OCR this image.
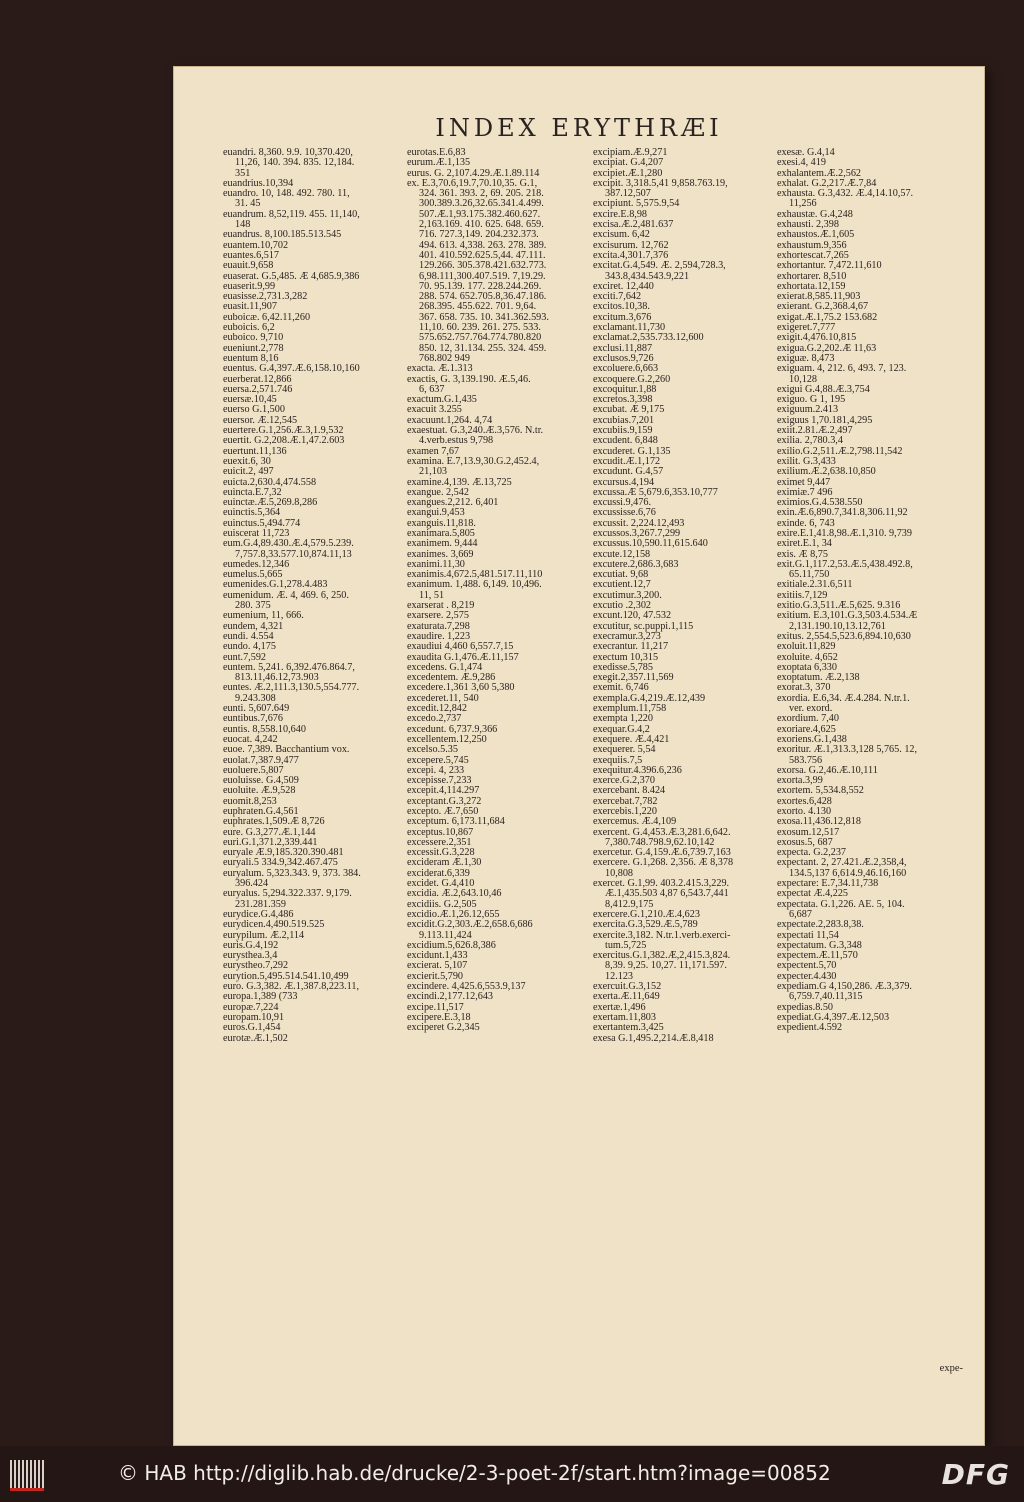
INDEX ERYTHRÆI
euandri. 8,360. 9.9. 10,370.420,
11,26, 140. 394. 835. 12,184.
351
euandrius.10,394
euandro. 10, 148. 492. 780. 11,
31. 45
euandrum. 8,52,119. 455. 11,140,
148
euandrus. 8,100.185.513.545
euantem.10,702
euantes.6,517
euauit.9,658
euaserat. G.5,485. Æ 4,685.9,386
euaserit.9,99
euasisse.2,731.3,282
euasit.11,907
euboicæ. 6,42.11,260
euboicis. 6,2
euboico. 9,710
eueniunt.2,778
euentum 8,16
euentus. G.4,397.Æ.6,158.10,160
euerberat.12,866
euersa.2,571.746
euersæ.10,45
euerso G.1,500
euersor. Æ.12,545
euertere.G.1,256.Æ.3,1.9,532
euertit. G.2,208.Æ.1,47.2.603
euertunt.11,136
euexit.6, 30
euicit.2, 497
euicta.2,630.4,474.558
euincta.E.7,32
euinctæ.Æ.5,269.8,286
euinctis.5,364
euinctus.5,494.774
euiscerat 11,723
eum.G.4,89.430.Æ.4,579.5.239.
7,757.8,33.577.10,874.11,13
eumedes.12,346
eumelus.5,665
eumenides.G.1,278.4.483
eumenidum. Æ. 4, 469. 6, 250.
280. 375
eumenium, 11, 666.
eundem, 4,321
eundi. 4.554
eundo. 4,175
eunt.7,592
euntem. 5,241. 6,392.476.864.7,
813.11,46.12,73.903
euntes. Æ.2,111.3,130.5,554.777.
9.243.308
eunti. 5,607.649
euntibus.7,676
euntis. 8,558.10,640
euocat. 4,242
euoe. 7,389. Bacchantium vox.
euolat.7,387.9,477
euoluere.5,807
euoluisse. G.4,509
euoluite. Æ.9,528
euomit.8,253
euphraten.G.4,561
euphrates.1,509.Æ 8,726
eure. G.3,277.Æ.1,144
euri.G.1,371.2,339.441
euryale Æ.9,185.320.390.481
euryali.5 334.9,342.467.475
euryalum. 5,323.343. 9, 373. 384.
396.424
euryalus. 5,294.322.337. 9,179.
231.281.359
eurydice.G.4,486
eurydicen.4,490.519.525
eurypilum. Æ.2,114
euris.G.4,192
eurysthea.3,4
eurystheo.7,292
eurytion.5,495.514.541.10,499
euro. G.3,382. Æ.1,387.8,223.11,
europa.1,389 (733
europæ.7,224
europam.10,91
euros.G.1,454
eurotæ.Æ.1,502
eurotas.E.6,83
eurum.Æ.1,135
eurus. G. 2,107.4.29.Æ.1.89.114
ex. E.3,70.6,19.7,70.10,35. G.1,
324. 361. 393. 2, 69. 205. 218.
300.389.3.26,32.65.341.4.499.
507.Æ.1,93.175.382.460.627.
2,163.169. 410. 625. 648. 659.
716. 727.3,149. 204.232.373.
494. 613. 4,338. 263. 278. 389.
401. 410.592.625.5,44. 47.111.
129.266. 305.378.421.632.773.
6,98.111,300.407.519. 7,19.29.
70. 95.139. 177. 228.244.269.
288. 574. 652.705.8,36.47.186.
268.395. 455.622. 701. 9,64.
367. 658. 735. 10. 341.362.593.
11,10. 60. 239. 261. 275. 533.
575.652.757.764.774.780.820
850. 12, 31.134. 255. 324. 459.
768.802 949
exacta. Æ.1.313
exactis, G. 3,139.190. Æ.5,46.
6, 637
exactum.G.1,435
exacuit 3.255
exacuunt.1,264. 4,74
exaestuat. G.3,240.Æ.3,576. N.tr.
4.verb.estus 9,798
examen 7,67
examina. E.7,13.9,30.G.2,452.4,
21,103
examine.4,139. Æ.13,725
exangue. 2,542
exangues.2,212. 6,401
exangui.9,453
exanguis.11,818.
exanimara.5,805
exanimem. 9,444
exanimes. 3,669
exanimi.11,30
exanimis.4,672.5,481.517.11,110
exanimum. 1,488. 6,149. 10,496.
11, 51
exarserat . 8,219
exarsere. 2,575
exaturata.7,298
exaudire. 1,223
exaudiui 4,460 6,557.7,15
exaudita G.1,476.Æ.11,157
excedens. G.1,474
excedentem. Æ.9,286
excedere.1,361 3,60 5,380
excederet.11, 540
excedit.12,842
excedo.2,737
excedunt. 6,737.9,366
excellentem.12,250
excelso.5.35
excepere.5,745
excepi. 4, 233
excepisse.7,233
excepit.4,114.297
exceptant.G.3,272
excepto. Æ.7,650
exceptum. 6,173.11,684
exceptus.10,867
excessere.2,351
excessit.G.3,228
excideram Æ.1,30
exciderat.6,339
excidet. G.4,410
excidia. Æ.2,643.10,46
excidiis. G.2,505
excidio.Æ.1,26.12,655
excidit.G.2,303.Æ.2,658.6,686
9.113.11,424
excidium.5,626.8,386
excidunt.1,433
excierat. 5,107
excierit.5,790
excindere. 4,425.6,553.9,137
excindi.2,177.12,643
excipe.11,517
excipere.E.3,18
exciperet G.2,345
excipiam.Æ.9,271
excipiat. G.4,207
excipiet.Æ.1,280
excipit. 3,318.5,41 9,858.763.19,
387.12,507
excipiunt. 5,575.9,54
excire.E.8,98
excisa.Æ.2,481.637
excisum. 6,42
excisurum. 12,762
excita.4,301.7,376
excitat.G.4,549. Æ. 2,594,728.3,
343.8,434.543.9,221
exciret. 12,440
exciti.7,642
excitos.10,38.
excitum.3,676
exclamant.11,730
exclamat.2,535.733.12,600
exclusi.11,887
exclusos.9,726
excoluere.6,663
excoquere.G.2,260
excoquitur.1,88
excretos.3,398
excubat. Æ 9,175
excubias.7,201
excubiis.9,159
excudent. 6,848
excuderet. G.1,135
excudit.Æ.1,172
excudunt. G.4,57
excursus.4,194
excussa.Æ 5,679.6,353.10,777
excussi.9,476.
excussisse.6,76
excussit. 2,224.12,493
excussos.3,267.7,299
excussus.10,590.11,615.640
excute.12,158
excutere.2,686.3,683
excutiat. 9,68
excutient.12,7
excutimur.3,200.
excutio .2,302
excunt.120, 47.532
excutitur, sc.puppi.1,115
execramur.3,273
execrantur. 11,217
exectum 10,315
exedisse.5,785
exegit.2,357.11,569
exemit. 6,746
exempla.G.4,219.Æ.12,439
exemplum.11,758
exempta 1,220
exequar.G.4,2
exequere. Æ.4,421
exequerer. 5,54
exequiis.7,5
exequitur.4.396.6,236
exerce.G.2,370
exercebant. 8.424
exercebat.7,782
exercebis.1,220
exercemus. Æ.4,109
exercent. G.4,453.Æ.3,281.6,642.
7,380.748.798.9,62.10,142
exercetur. G.4,159.Æ.6,739.7,163
exercere. G.1,268. 2,356. Æ 8,378
10,808
exercet. G.1,99. 403.2.415.3,229.
Æ.1,435.503 4,87 6,543.7,441
8,412.9,175
exercere.G.1,210.Æ.4,623
exercita.G.3,529.Æ.5,789
exercite.3,182. N.tr.1.verb.exerci-
tum.5,725
exercitus.G.1,382.Æ,2,415.3,824.
8,39. 9,25. 10,27. 11,171.597.
12.123
exercuit.G.3,152
exerta.Æ.11,649
exertæ.1,496
exertam.11,803
exertantem.3,425
exesa G.1,495.2,214.Æ.8,418
exesæ. G.4,14
exesi.4, 419
exhalantem.Æ.2,562
exhalat. G.2,217.Æ.7,84
exhausta. G.3,432. Æ.4,14.10,57.
11,256
exhaustæ. G.4,248
exhausti. 2,398
exhaustos.Æ.1,605
exhaustum.9,356
exhortescat.7,265
exhortantur. 7,472.11,610
exhortarer. 8,510
exhortata.12,159
exierat.8,585.11,903
exierant. G.2,368.4,67
exigat.Æ.1,75.2 153.682
exigeret.7,777
exigit.4,476.10,815
exigua.G.2,202.Æ 11,63
exiguæ. 8,473
exiguam. 4, 212. 6, 493. 7, 123.
10,128
exigui G.4,88.Æ.3,754
exiguo. G 1, 195
exiguum.2.413
exiguus 1,70.181,4,295
exiit.2.81.Æ.2,497
exilia. 2,780.3,4
exilio.G.2,511.Æ.2,798.11,542
exilit. G.3,433
exilium.Æ.2,638.10,850
eximet 9,447
eximiæ.7 496
eximios.G.4.538.550
exin.Æ.6,890.7,341.8,306.11,92
exinde. 6, 743
exire.E.1,41.8,98.Æ.1,310. 9,739
exiret.E.1, 34
exis. Æ 8,75
exit.G.1,117.2,53.Æ.5,438.492.8,
65.11,750
exitiale.2.31.6,511
exitiis.7,129
exitio.G.3,511.Æ.5,625. 9.316
exitium. E.3,101.G.3,503.4.534.Æ
2,131.190.10,13.12,761
exitus. 2,554.5,523.6,894.10,630
exoluit.11,829
exoluite. 4,652
exoptata 6,330
exoptatum. Æ.2,138
exorat.3, 370
exordia. E.6,34. Æ.4.284. N.tr.1.
ver. exord.
exordium. 7,40
exoriare.4,625
exoriens.G.1,438
exoritur. Æ.1,313.3,128 5,765. 12,
583.756
exorsa. G.2,46.Æ.10,111
exorta.3,99
exortem. 5,534.8,552
exortes.6,428
exorto. 4.130
exosa.11,436.12,818
exosum.12,517
exosus.5, 687
expecta. G.2,237
expectant. 2, 27.421.Æ.2,358,4,
134.5,137 6,614.9,46.16,160
expectare: E.7,34.11,738
expectat Æ.4,225
expectata. G.1,226. AE. 5, 104.
6,687
expectate.2,283.8,38.
expectati 11,54
expectatum. G.3,348
expectem.Æ.11,570
expectent.5,70
expecter.4.430
expediam.G 4,150,286. Æ.3,379.
6,759.7,40.11,315
expedias.8.50
expediat.G.4,397.Æ.12,503
expedient.4.592
expe-
© HAB http://diglib.hab.de/drucke/2-3-poet-2f/start.htm?image=00852	DFG
